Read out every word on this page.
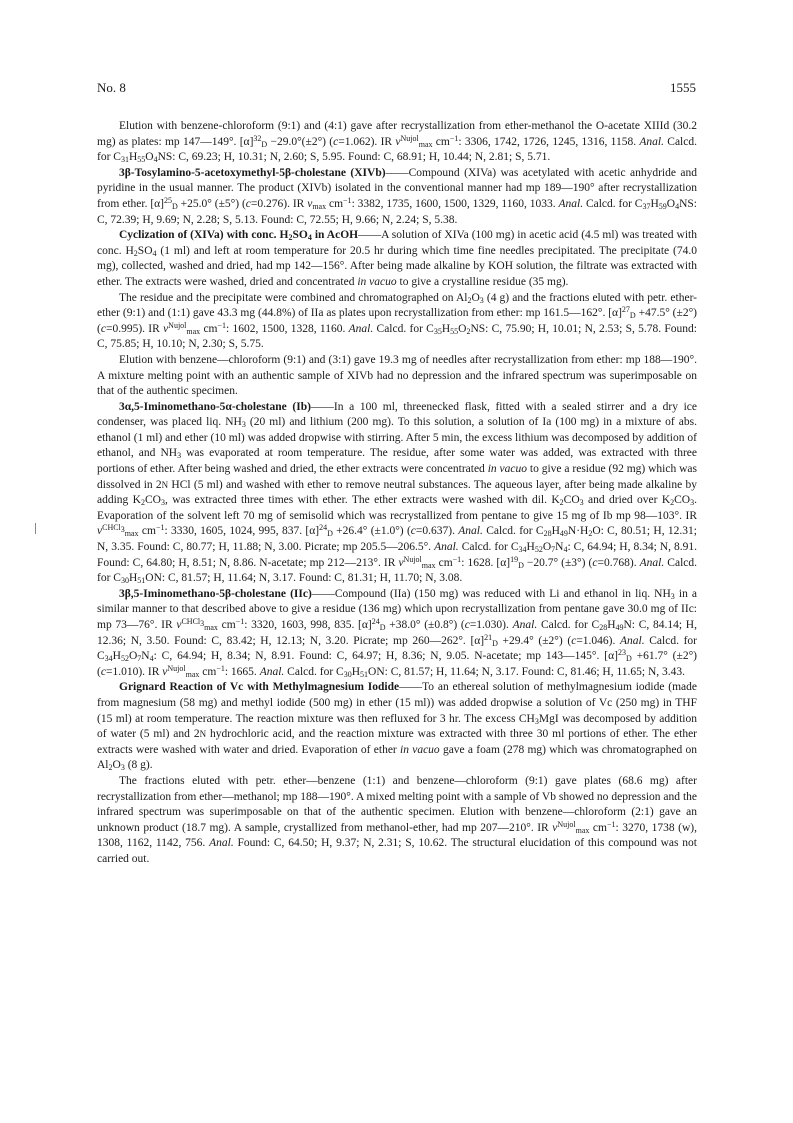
No. 8	1555

Elution with benzene-chloroform (9:1) and (4:1) gave after recrystallization from ether-methanol the O-acetate XIIId (30.2 mg) as plates: mp 147—149°. $[\alpha]^{32}_D -29.0^\circ(\pm 2^\circ)$ (c=1.062). IR $\nu^{Nujol}_{max}$ $cm^{-1}$: 3306, 1742, 1726, 1245, 1316, 1158. Anal. Calcd. for $C_{31}H_{55}O_4NS$: C, 69.23; H, 10.31; N, 2.60; S, 5.95. Found: C, 68.91; H, 10.44; N, 2.81; S, 5.71.

3β-Tosylamino-5-acetoxymethyl-5β-cholestane (XIVb)——Compound (XIVa) was acetylated with acetic anhydride and pyridine in the usual manner. The product (XIVb) isolated in the conventional manner had mp 189—190° after recrystallization from ether. $[\alpha]^{25}_D +25.0^\circ$ (±5°) (c=0.276). IR $\nu_{max}$ $cm^{-1}$: 3382, 1735, 1600, 1500, 1329, 1160, 1033. Anal. Calcd. for $C_{37}H_{59}O_4NS$: C, 72.39; H, 9.69; N, 2.28; S, 5.13. Found: C, 72.55; H, 9.66; N, 2.24; S, 5.38.

Cyclization of (XIVa) with conc. $H_2SO_4$ in AcOH——A solution of XIVa (100 mg) in acetic acid (4.5 ml) was treated with conc. $H_2SO_4$ (1 ml) and left at room temperature for 20.5 hr during which time fine needles precipitated. The precipitate (74.0 mg), collected, washed and dried, had mp 142—156°. After being made alkaline by KOH solution, the filtrate was extracted with ether. The extracts were washed, dried and concentrated in vacuo to give a crystalline residue (35 mg).

The residue and the precipitate were combined and chromatographed on $Al_2O_3$ (4 g) and the fractions eluted with petr. ether-ether (9:1) and (1:1) gave 43.3 mg (44.8%) of IIa as plates upon recrystallization from ether: mp 161.5—162°. $[\alpha]^{27}_D +47.5^\circ$ (±2°) (c=0.995). IR $\nu^{Nujol}_{max}$ $cm^{-1}$: 1602, 1500, 1328, 1160. Anal. Calcd. for $C_{35}H_{55}O_2NS$: C, 75.90; H, 10.01; N, 2.53; S, 5.78. Found: C, 75.85; H, 10.10; N, 2.30; S, 5.75.

Elution with benzene—chloroform (9:1) and (3:1) gave 19.3 mg of needles after recrystallization from ether: mp 188—190°. A mixture melting point with an authentic sample of XIVb had no depression and the infrared spectrum was superimposable on that of the authentic specimen.

3α,5-Iminomethano-5α-cholestane (Ib)——In a 100 ml, threenecked flask, fitted with a sealed stirrer and a dry ice condenser, was placed liq. $NH_3$ (20 ml) and lithium (200 mg). To this solution, a solution of Ia (100 mg) in a mixture of abs. ethanol (1 ml) and ether (10 ml) was added dropwise with stirring. After 5 min, the excess lithium was decomposed by addition of ethanol, and $NH_3$ was evaporated at room temperature. The residue, after some water was added, was extracted with three portions of ether. After being washed and dried, the ether extracts were concentrated in vacuo to give a residue (92 mg) which was dissolved in 2N HCl (5 ml) and washed with ether to remove neutral substances. The aqueous layer, after being made alkaline by adding $K_2CO_3$, was extracted three times with ether. The ether extracts were washed with dil. $K_2CO_3$ and dried over $K_2CO_3$. Evaporation of the solvent left 70 mg of semisolid which was recrystallized from pentane to give 15 mg of Ib mp 98—103°. IR $\nu^{CHCl_3}_{max}$ $cm^{-1}$: 3330, 1605, 1024, 995, 837. $[\alpha]^{24}_D +26.4^\circ$ (±1.0°) (c=0.637). Anal. Calcd. for $C_{28}H_{49}N\cdot H_2O$: C, 80.51; H, 12.31; N, 3.35. Found: C, 80.77; H, 11.88; N, 3.00. Picrate; mp 205.5—206.5°. Anal. Calcd. for $C_{34}H_{52}O_7N_4$: C, 64.94; H, 8.34; N, 8.91. Found: C, 64.80; H, 8.51; N, 8.86. N-acetate; mp 212—213°. IR $\nu^{Nujol}_{max}$ $cm^{-1}$: 1628. $[\alpha]^{19}_D -20.7^\circ$ (±3°) (c=0.768). Anal. Calcd. for $C_{30}H_{51}ON$: C, 81.57; H, 11.64; N, 3.17. Found: C, 81.31; H, 11.70; N, 3.08.

3β,5-Iminomethano-5β-cholestane (IIc)——Compound (IIa) (150 mg) was reduced with Li and ethanol in liq. $NH_3$ in a similar manner to that described above to give a residue (136 mg) which upon recrystallization from pentane gave 30.0 mg of IIc: mp 73—76°. IR $\nu^{CHCl_3}_{max}$ $cm^{-1}$: 3320, 1603, 998, 835. $[\alpha]^{24}_D +38.0^\circ$ (±0.8°) (c=1.030). Anal. Calcd. for $C_{28}H_{49}N$: C, 84.14; H, 12.36; N, 3.50. Found: C, 83.42; H, 12.13; N, 3.20. Picrate; mp 260—262°. $[\alpha]^{21}_D +29.4^\circ$ (±2°) (c=1.046). Anal. Calcd. for $C_{34}H_{52}O_7N_4$: C, 64.94; H, 8.34; N, 8.91. Found: C, 64.97; H, 8.36; N, 9.05. N-acetate; mp 143—145°. $[\alpha]^{23}_D +61.7^\circ$ (±2°) (c=1.010). IR $\nu^{Nujol}_{max}$ $cm^{-1}$: 1665. Anal. Calcd. for $C_{30}H_{51}ON$: C, 81.57; H, 11.64; N, 3.17. Found: C, 81.46; H, 11.65; N, 3.43.

Grignard Reaction of Vc with Methylmagnesium Iodide——To an ethereal solution of methylmagnesium iodide (made from magnesium (58 mg) and methyl iodide (500 mg) in ether (15 ml)) was added dropwise a solution of Vc (250 mg) in THF (15 ml) at room temperature. The reaction mixture was then refluxed for 3 hr. The excess $CH_3MgI$ was decomposed by addition of water (5 ml) and 2N hydrochloric acid, and the reaction mixture was extracted with three 30 ml portions of ether. The ether extracts were washed with water and dried. Evaporation of ether in vacuo gave a foam (278 mg) which was chromatographed on $Al_2O_3$ (8 g).

The fractions eluted with petr. ether—benzene (1:1) and benzene—chloroform (9:1) gave plates (68.6 mg) after recrystallization from ether—methanol; mp 188—190°. A mixed melting point with a sample of Vb showed no depression and the infrared spectrum was superimposable on that of the authentic specimen. Elution with benzene—chloroform (2:1) gave an unknown product (18.7 mg). A sample, crystallized from methanol-ether, had mp 207—210°. IR $\nu^{Nujol}_{max}$ $cm^{-1}$: 3270, 1738 (w), 1308, 1162, 1142, 756. Anal. Found: C, 64.50; H, 9.37; N, 2.31; S, 10.62. The structural elucidation of this compound was not carried out.
